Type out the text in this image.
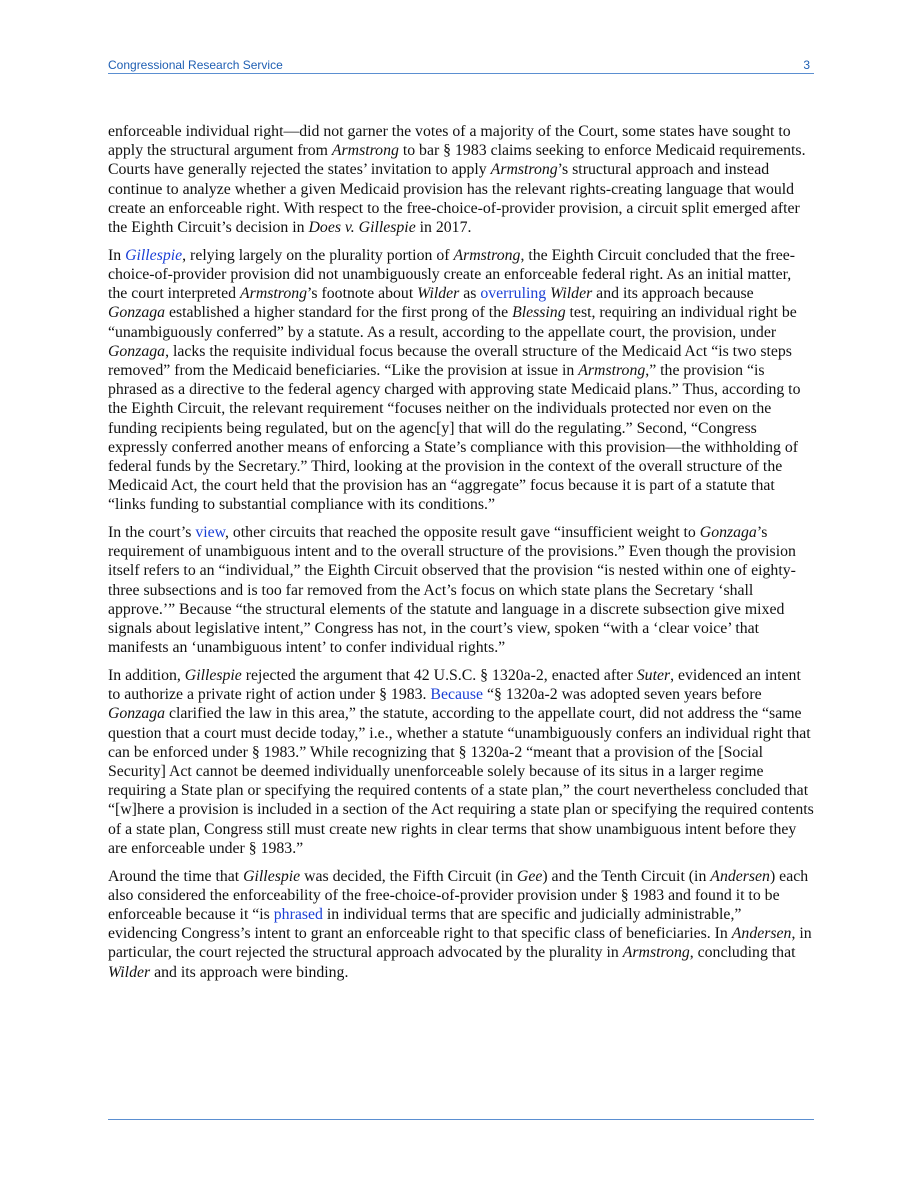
Congressional Research Service	3

enforceable individual right—did not garner the votes of a majority of the Court, some states have sought to apply the structural argument from Armstrong to bar § 1983 claims seeking to enforce Medicaid requirements. Courts have generally rejected the states’ invitation to apply Armstrong’s structural approach and instead continue to analyze whether a given Medicaid provision has the relevant rights-creating language that would create an enforceable right. With respect to the free-choice-of-provider provision, a circuit split emerged after the Eighth Circuit’s decision in Does v. Gillespie in 2017.

In Gillespie, relying largely on the plurality portion of Armstrong, the Eighth Circuit concluded that the free-choice-of-provider provision did not unambiguously create an enforceable federal right. As an initial matter, the court interpreted Armstrong’s footnote about Wilder as overruling Wilder and its approach because Gonzaga established a higher standard for the first prong of the Blessing test, requiring an individual right be “unambiguously conferred” by a statute. As a result, according to the appellate court, the provision, under Gonzaga, lacks the requisite individual focus because the overall structure of the Medicaid Act “is two steps removed” from the Medicaid beneficiaries. “Like the provision at issue in Armstrong,” the provision “is phrased as a directive to the federal agency charged with approving state Medicaid plans.” Thus, according to the Eighth Circuit, the relevant requirement “focuses neither on the individuals protected nor even on the funding recipients being regulated, but on the agenc[y] that will do the regulating.” Second, “Congress expressly conferred another means of enforcing a State’s compliance with this provision—the withholding of federal funds by the Secretary.” Third, looking at the provision in the context of the overall structure of the Medicaid Act, the court held that the provision has an “aggregate” focus because it is part of a statute that “links funding to substantial compliance with its conditions.”

In the court’s view, other circuits that reached the opposite result gave “insufficient weight to Gonzaga’s requirement of unambiguous intent and to the overall structure of the provisions.” Even though the provision itself refers to an “individual,” the Eighth Circuit observed that the provision “is nested within one of eighty-three subsections and is too far removed from the Act’s focus on which state plans the Secretary ‘shall approve.’” Because “the structural elements of the statute and language in a discrete subsection give mixed signals about legislative intent,” Congress has not, in the court’s view, spoken “with a ‘clear voice’ that manifests an ‘unambiguous intent’ to confer individual rights.”

In addition, Gillespie rejected the argument that 42 U.S.C. § 1320a-2, enacted after Suter, evidenced an intent to authorize a private right of action under § 1983. Because “§ 1320a-2 was adopted seven years before Gonzaga clarified the law in this area,” the statute, according to the appellate court, did not address the “same question that a court must decide today,” i.e., whether a statute “unambiguously confers an individual right that can be enforced under § 1983.” While recognizing that § 1320a-2 “meant that a provision of the [Social Security] Act cannot be deemed individually unenforceable solely because of its situs in a larger regime requiring a State plan or specifying the required contents of a state plan,” the court nevertheless concluded that “[w]here a provision is included in a section of the Act requiring a state plan or specifying the required contents of a state plan, Congress still must create new rights in clear terms that show unambiguous intent before they are enforceable under § 1983.”

Around the time that Gillespie was decided, the Fifth Circuit (in Gee) and the Tenth Circuit (in Andersen) each also considered the enforceability of the free-choice-of-provider provision under § 1983 and found it to be enforceable because it “is phrased in individual terms that are specific and judicially administrable,” evidencing Congress’s intent to grant an enforceable right to that specific class of beneficiaries. In Andersen, in particular, the court rejected the structural approach advocated by the plurality in Armstrong, concluding that Wilder and its approach were binding.
